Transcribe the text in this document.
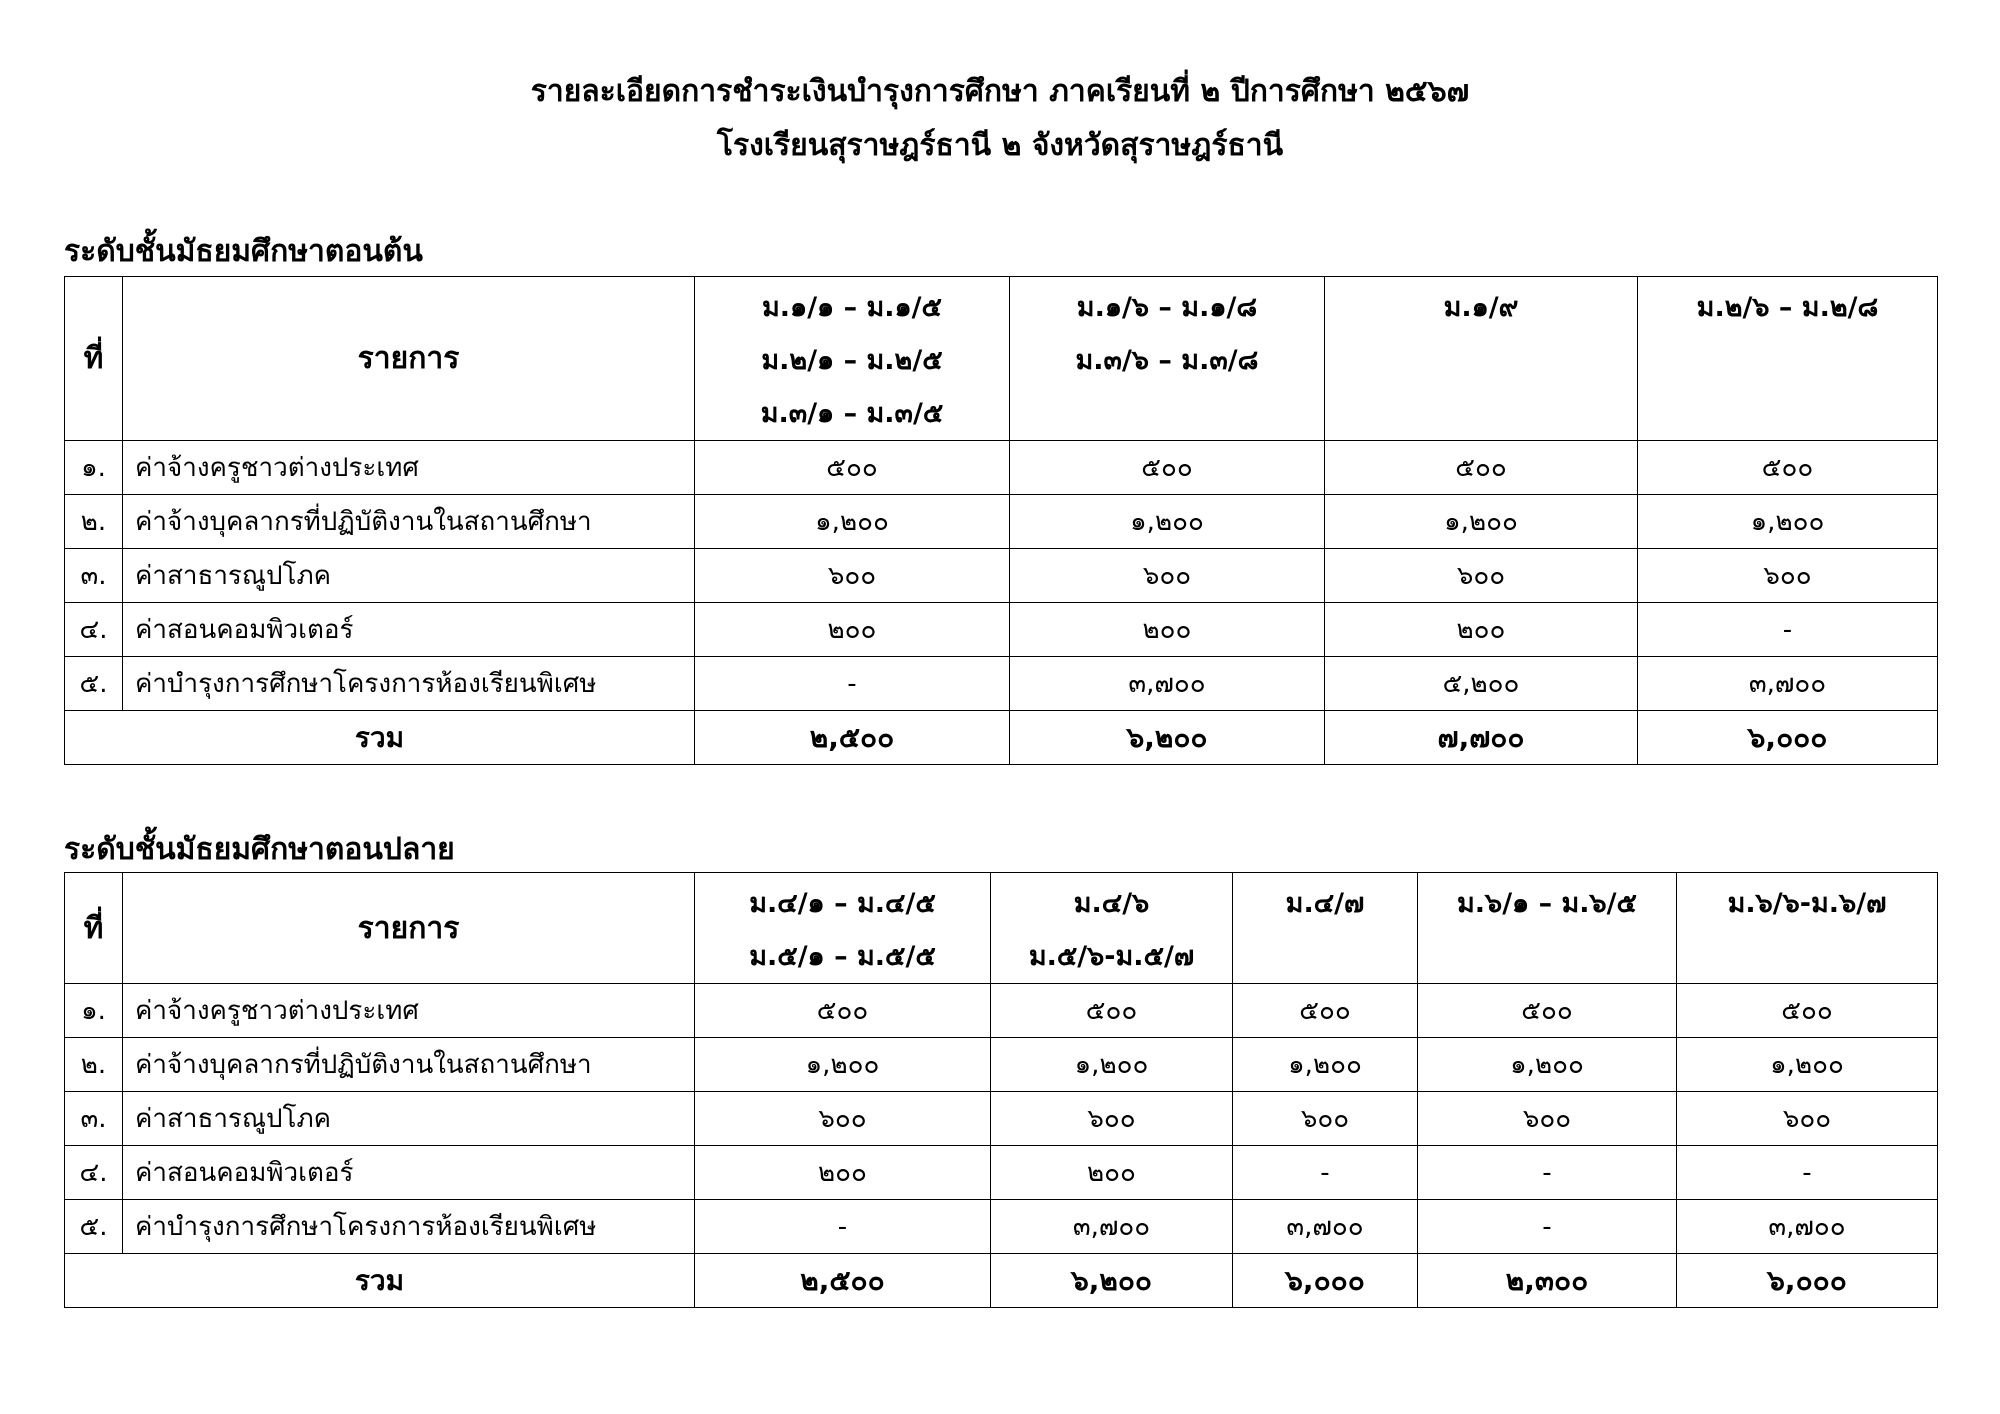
รายละเอียดการชำระเงินบำรุงการศึกษา ภาคเรียนที่ ๒ ปีการศึกษา ๒๕๖๗
โรงเรียนสุราษฎร์ธานี ๒ จังหวัดสุราษฎร์ธานี
ระดับชั้นมัธยมศึกษาตอนต้น
ที่	รายการ	ม.๑/๑ – ม.๑/๕
ม.๒/๑ – ม.๒/๕
ม.๓/๑ – ม.๓/๕	ม.๑/๖ – ม.๑/๘
ม.๓/๖ – ม.๓/๘	ม.๑/๙	ม.๒/๖ – ม.๒/๘

๑.	ค่าจ้างครูชาวต่างประเทศ	๕๐๐	๕๐๐	๕๐๐	๕๐๐
๒.	ค่าจ้างบุคลากรที่ปฏิบัติงานในสถานศึกษา	๑,๒๐๐	๑,๒๐๐	๑,๒๐๐	๑,๒๐๐
๓.	ค่าสาธารณูปโภค	๖๐๐	๖๐๐	๖๐๐	๖๐๐
๔.	ค่าสอนคอมพิวเตอร์	๒๐๐	๒๐๐	๒๐๐	-
๕.	ค่าบำรุงการศึกษาโครงการห้องเรียนพิเศษ	-	๓,๗๐๐	๕,๒๐๐	๓,๗๐๐
รวม		๒,๕๐๐	๖,๒๐๐	๗,๗๐๐	๖,๐๐๐
ระดับชั้นมัธยมศึกษาตอนปลาย
ที่	รายการ	ม.๔/๑ – ม.๔/๕
ม.๕/๑ – ม.๕/๕	ม.๔/๖
ม.๕/๖-ม.๕/๗	ม.๔/๗	ม.๖/๑ – ม.๖/๕	ม.๖/๖-ม.๖/๗

๑.	ค่าจ้างครูชาวต่างประเทศ	๕๐๐	๕๐๐	๕๐๐	๕๐๐	๕๐๐
๒.	ค่าจ้างบุคลากรที่ปฏิบัติงานในสถานศึกษา	๑,๒๐๐	๑,๒๐๐	๑,๒๐๐	๑,๒๐๐	๑,๒๐๐
๓.	ค่าสาธารณูปโภค	๖๐๐	๖๐๐	๖๐๐	๖๐๐	๖๐๐
๔.	ค่าสอนคอมพิวเตอร์	๒๐๐	๒๐๐	-	-	-
๕.	ค่าบำรุงการศึกษาโครงการห้องเรียนพิเศษ	-	๓,๗๐๐	๓,๗๐๐	-	๓,๗๐๐
รวม		๒,๕๐๐	๖,๒๐๐	๖,๐๐๐	๒,๓๐๐	๖,๐๐๐
